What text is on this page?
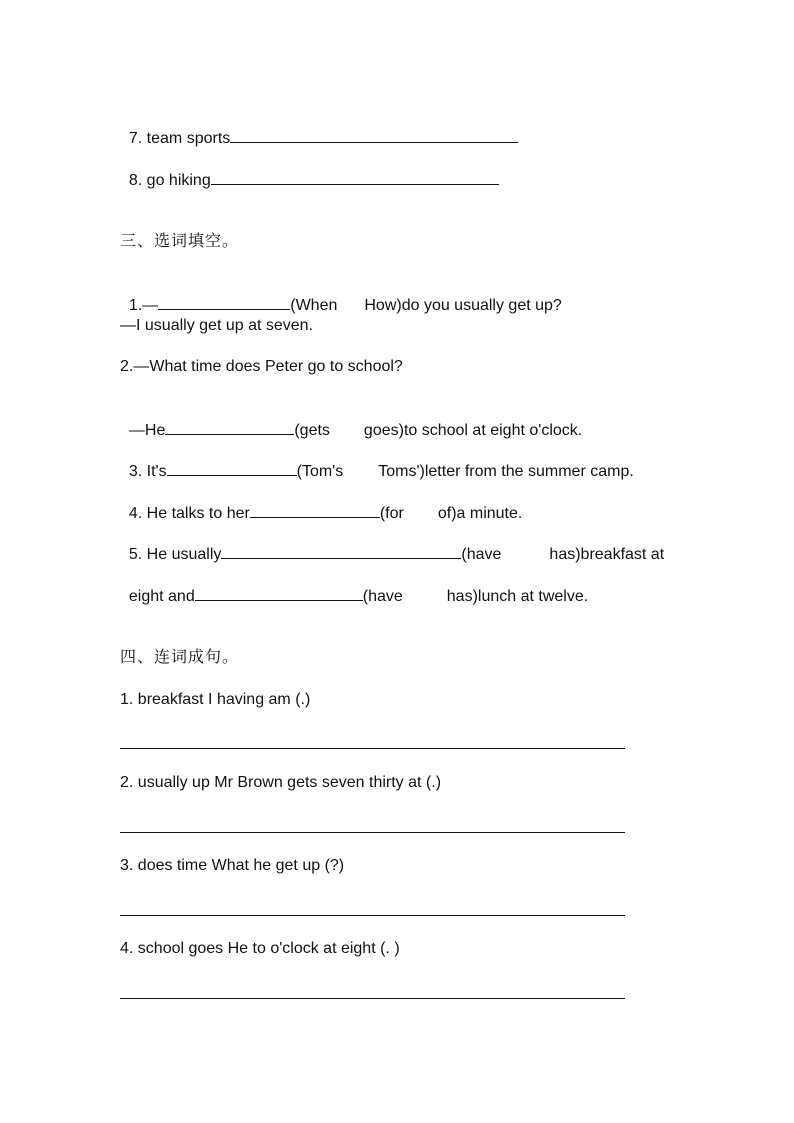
7. team sports

8. go hiking

三、选词填空。

1.—	(When How)do you usually get up?

—I usually get up at seven.
2.—What time does Peter go to school?

—He	(gets goes)to school at eight o'clock.

3. It's	(Tom's Toms')letter from the summer camp.

4. He talks to her	(for of)a minute.

5. He usually	(have	has)breakfast at

eight and	(have	has)lunch at twelve.

四、连词成句。
1. breakfast I having am (.)
2. usually up Mr Brown gets seven thirty at (.)
3. does time What he get up (?)
4. school goes He to o'clock at eight (. )
